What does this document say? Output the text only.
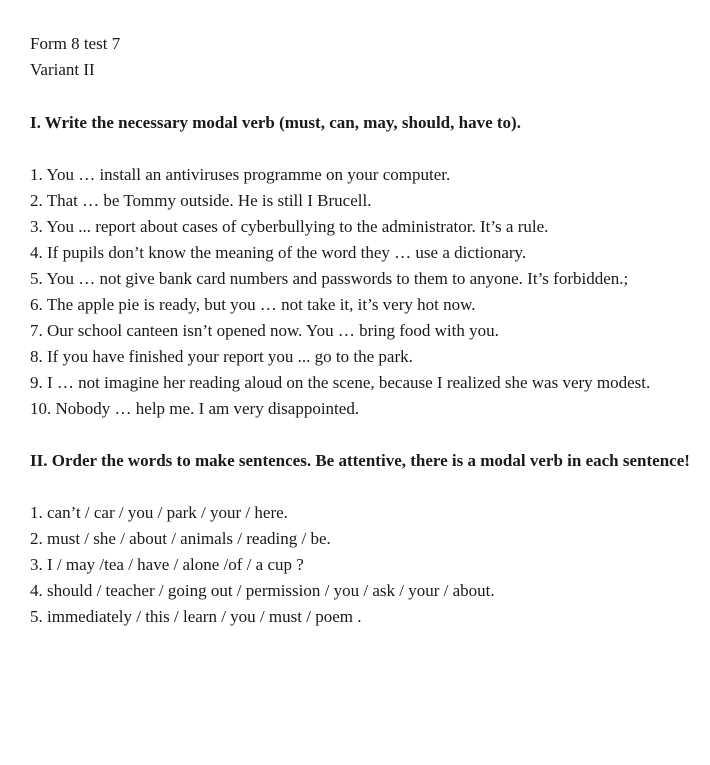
Form 8 test 7
Variant II
I. Write the necessary modal verb (must, can, may, should, have to).
1. You … install an antiviruses programme on your computer.
2. That … be Tommy outside. He is still I Brucell.
3. You ... report about cases of cyberbullying to the administrator. It’s a rule.
4. If pupils don’t know the meaning of the word they … use a dictionary.
5. You … not give bank card numbers and passwords to them to anyone. It’s forbidden.;
6. The apple pie is ready, but you … not take it, it’s very hot now.
7. Our school canteen isn’t opened now. You … bring food with you.
8. If you have finished your report you ... go to the park.
9. I … not imagine her reading aloud on the scene, because I realized she was very modest.
10. Nobody … help me. I am very disappointed.
II. Order the words to make sentences. Be attentive, there is a modal verb in each sentence!
1. can’t / car / you / park / your / here.
2. must / she / about / animals / reading / be.
3. I / may /tea / have / alone /of / a cup ?
4. should / teacher / going out / permission / you / ask / your / about.
5. immediately / this / learn / you / must / poem .
